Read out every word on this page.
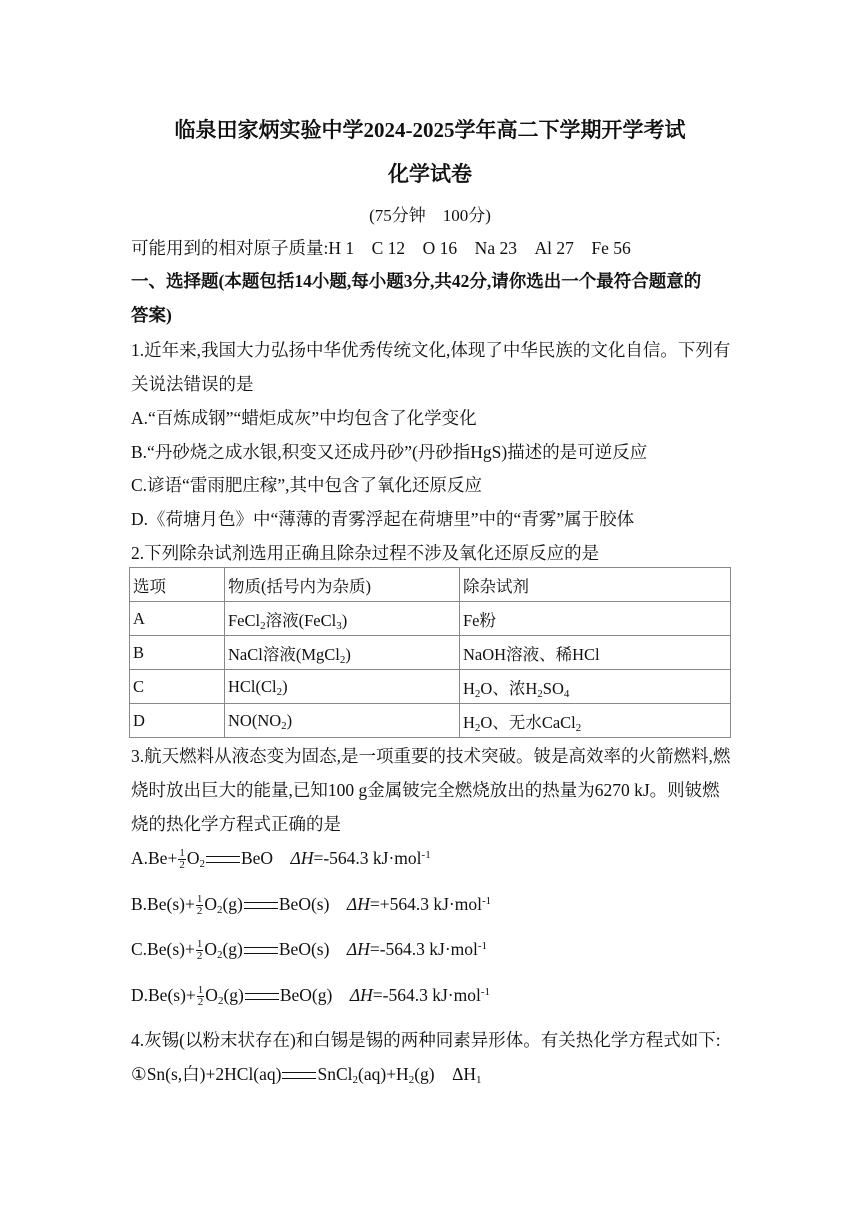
临泉田家炳实验中学2024-2025学年高二下学期开学考试
化学试卷
(75分钟　100分)
可能用到的相对原子质量:H 1　C 12　O 16　Na 23　Al 27　Fe 56
一、选择题(本题包括14小题,每小题3分,共42分,请你选出一个最符合题意的
答案)
1.近年来,我国大力弘扬中华优秀传统文化,体现了中华民族的文化自信。下列有
关说法错误的是
A.“百炼成钢”“蜡炬成灰”中均包含了化学变化
B.“丹砂烧之成水银,积变又还成丹砂”(丹砂指HgS)描述的是可逆反应
C.谚语“雷雨肥庄稼”,其中包含了氧化还原反应
D.《荷塘月色》中“薄薄的青雾浮起在荷塘里”中的“青雾”属于胶体
2.下列除杂试剂选用正确且除杂过程不涉及氧化还原反应的是
选项	物质(括号内为杂质)	除杂试剂
A	FeCl$_2$溶液(FeCl$_3$)	Fe粉
B	NaCl溶液(MgCl$_2$)	NaOH溶液、稀HCl
C	$HCl(Cl_2)$	$H_2O$、浓$H_2SO_4$
D	$NO(NO_2)$	$H_2O$、无水CaCl$_2$
3.航天燃料从液态变为固态,是一项重要的技术突破。铍是高效率的火箭燃料,燃
烧时放出巨大的能量,已知100 g金属铍完全燃烧放出的热量为6270 kJ。则铍燃
烧的热化学方程式正确的是
$A.Be+ \frac{1}{2} O_2$ BeO  ΔH=-564.3 kJ·mol$^{-1}$
$B.Be(s)+ \frac{1}{2} O_2(g)$ BeO(s)  ΔH=+564.3 kJ·mol$^{-1}$
$C.Be(s)+ \frac{1}{2} O_2(g)$ BeO(s)  ΔH=-564.3 kJ·mol$^{-1}$
$D.Be(s)+ \frac{1}{2} O_2(g)$ BeO(g)  ΔH=-564.3 kJ·mol$^{-1}$
4.灰锡(以粉末状存在)和白锡是锡的两种同素异形体。有关热化学方程式如下:
①Sn(s,白)+2HCl(aq) $SnCl_2(aq)+H_2(g)$  $\Delta H_1$
